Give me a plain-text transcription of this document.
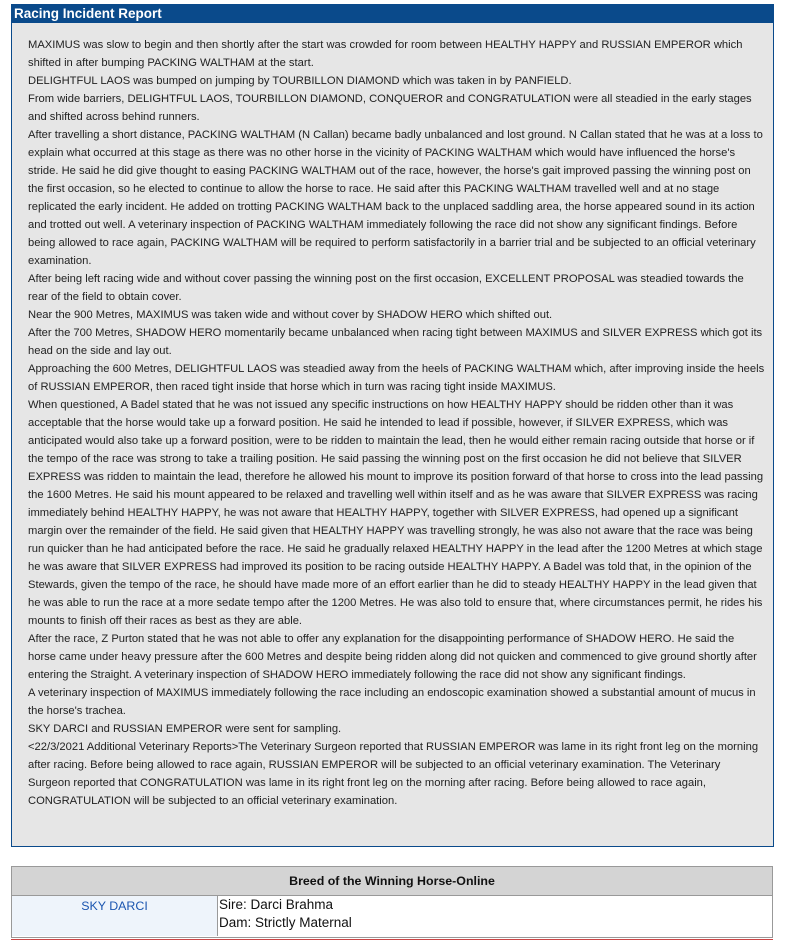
Racing Incident Report

MAXIMUS was slow to begin and then shortly after the start was crowded for room between HEALTHY HAPPY and RUSSIAN EMPEROR which shifted in after bumping PACKING WALTHAM at the start.

DELIGHTFUL LAOS was bumped on jumping by TOURBILLON DIAMOND which was taken in by PANFIELD.

From wide barriers, DELIGHTFUL LAOS, TOURBILLON DIAMOND, CONQUEROR and CONGRATULATION were all steadied in the early stages and shifted across behind runners.

After travelling a short distance, PACKING WALTHAM (N Callan) became badly unbalanced and lost ground. N Callan stated that he was at a loss to explain what occurred at this stage as there was no other horse in the vicinity of PACKING WALTHAM which would have influenced the horse's stride. He said he did give thought to easing PACKING WALTHAM out of the race, however, the horse's gait improved passing the winning post on the first occasion, so he elected to continue to allow the horse to race. He said after this PACKING WALTHAM travelled well and at no stage replicated the early incident. He added on trotting PACKING WALTHAM back to the unplaced saddling area, the horse appeared sound in its action and trotted out well. A veterinary inspection of PACKING WALTHAM immediately following the race did not show any significant findings. Before being allowed to race again, PACKING WALTHAM will be required to perform satisfactorily in a barrier trial and be subjected to an official veterinary examination.

After being left racing wide and without cover passing the winning post on the first occasion, EXCELLENT PROPOSAL was steadied towards the rear of the field to obtain cover.

Near the 900 Metres, MAXIMUS was taken wide and without cover by SHADOW HERO which shifted out.

After the 700 Metres, SHADOW HERO momentarily became unbalanced when racing tight between MAXIMUS and SILVER EXPRESS which got its head on the side and lay out.

Approaching the 600 Metres, DELIGHTFUL LAOS was steadied away from the heels of PACKING WALTHAM which, after improving inside the heels of RUSSIAN EMPEROR, then raced tight inside that horse which in turn was racing tight inside MAXIMUS.

When questioned, A Badel stated that he was not issued any specific instructions on how HEALTHY HAPPY should be ridden other than it was acceptable that the horse would take up a forward position. He said he intended to lead if possible, however, if SILVER EXPRESS, which was anticipated would also take up a forward position, were to be ridden to maintain the lead, then he would either remain racing outside that horse or if the tempo of the race was strong to take a trailing position. He said passing the winning post on the first occasion he did not believe that SILVER EXPRESS was ridden to maintain the lead, therefore he allowed his mount to improve its position forward of that horse to cross into the lead passing the 1600 Metres. He said his mount appeared to be relaxed and travelling well within itself and as he was aware that SILVER EXPRESS was racing immediately behind HEALTHY HAPPY, he was not aware that HEALTHY HAPPY, together with SILVER EXPRESS, had opened up a significant margin over the remainder of the field. He said given that HEALTHY HAPPY was travelling strongly, he was also not aware that the race was being run quicker than he had anticipated before the race. He said he gradually relaxed HEALTHY HAPPY in the lead after the 1200 Metres at which stage he was aware that SILVER EXPRESS had improved its position to be racing outside HEALTHY HAPPY. A Badel was told that, in the opinion of the Stewards, given the tempo of the race, he should have made more of an effort earlier than he did to steady HEALTHY HAPPY in the lead given that he was able to run the race at a more sedate tempo after the 1200 Metres. He was also told to ensure that, where circumstances permit, he rides his mounts to finish off their races as best as they are able.

After the race, Z Purton stated that he was not able to offer any explanation for the disappointing performance of SHADOW HERO. He said the horse came under heavy pressure after the 600 Metres and despite being ridden along did not quicken and commenced to give ground shortly after entering the Straight. A veterinary inspection of SHADOW HERO immediately following the race did not show any significant findings.

A veterinary inspection of MAXIMUS immediately following the race including an endoscopic examination showed a substantial amount of mucus in the horse's trachea.

SKY DARCI and RUSSIAN EMPEROR were sent for sampling.

<22/3/2021 Additional Veterinary Reports>The Veterinary Surgeon reported that RUSSIAN EMPEROR was lame in its right front leg on the morning after racing. Before being allowed to race again, RUSSIAN EMPEROR will be subjected to an official veterinary examination. The Veterinary Surgeon reported that CONGRATULATION was lame in its right front leg on the morning after racing. Before being allowed to race again, CONGRATULATION will be subjected to an official veterinary examination.

Breed of the Winning Horse-Online
SKY DARCI	Sire: Darci Brahma
Dam: Strictly Maternal
